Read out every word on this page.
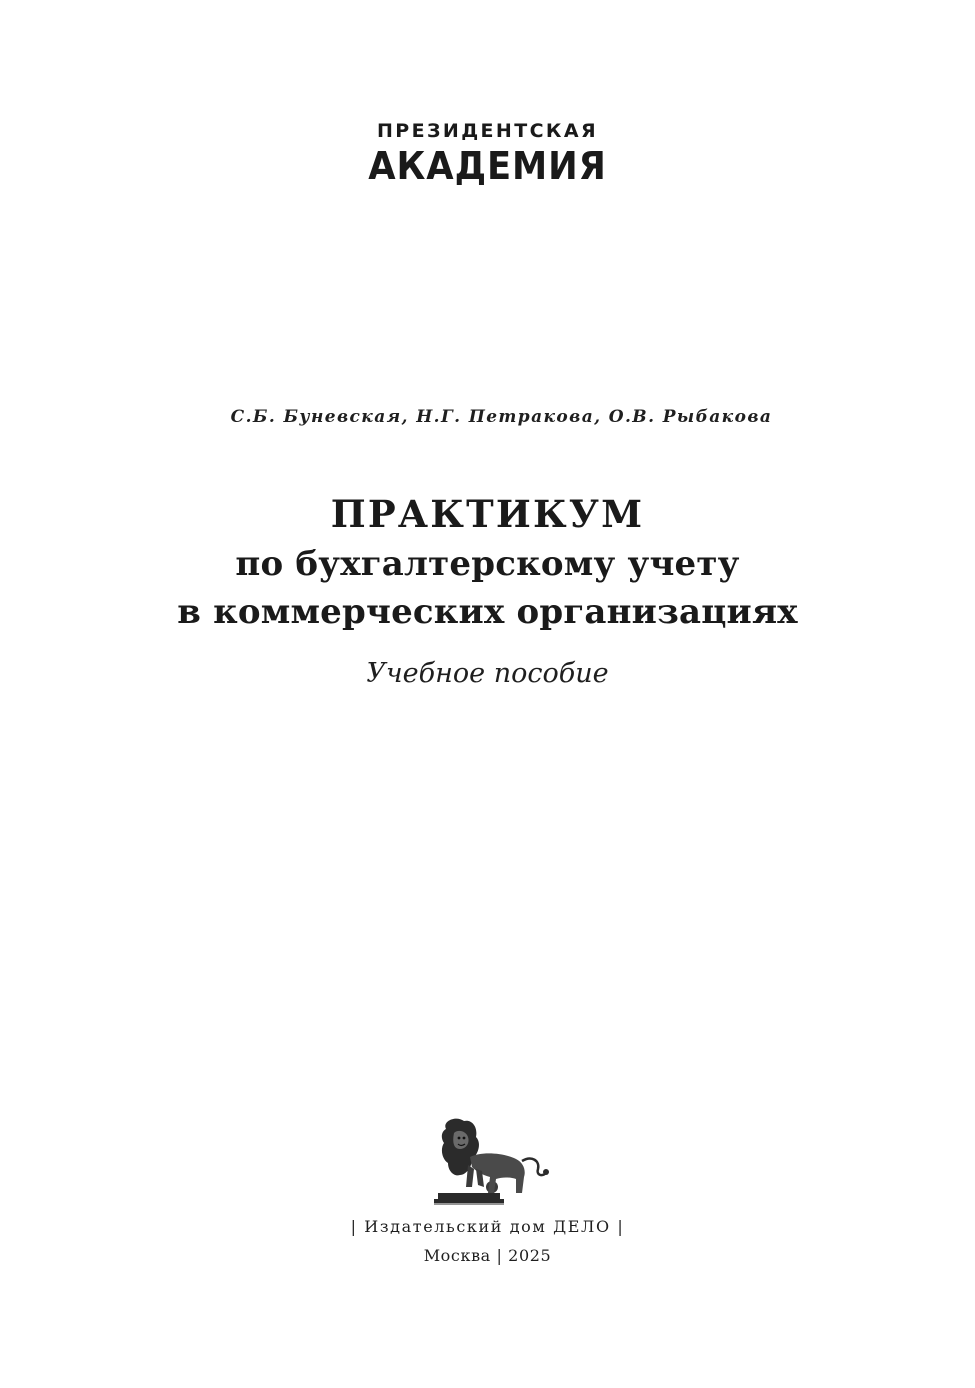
ПРЕЗИДЕНТСКАЯ
АКАДЕМИЯ
С.Б. Буневская, Н.Г. Петракова, О.В. Рыбакова
ПРАКТИКУМ
по бухгалтерскому учету
в коммерческих организациях
Учебное пособие
| Издательский дом ДЕЛО |
Москва | 2025
